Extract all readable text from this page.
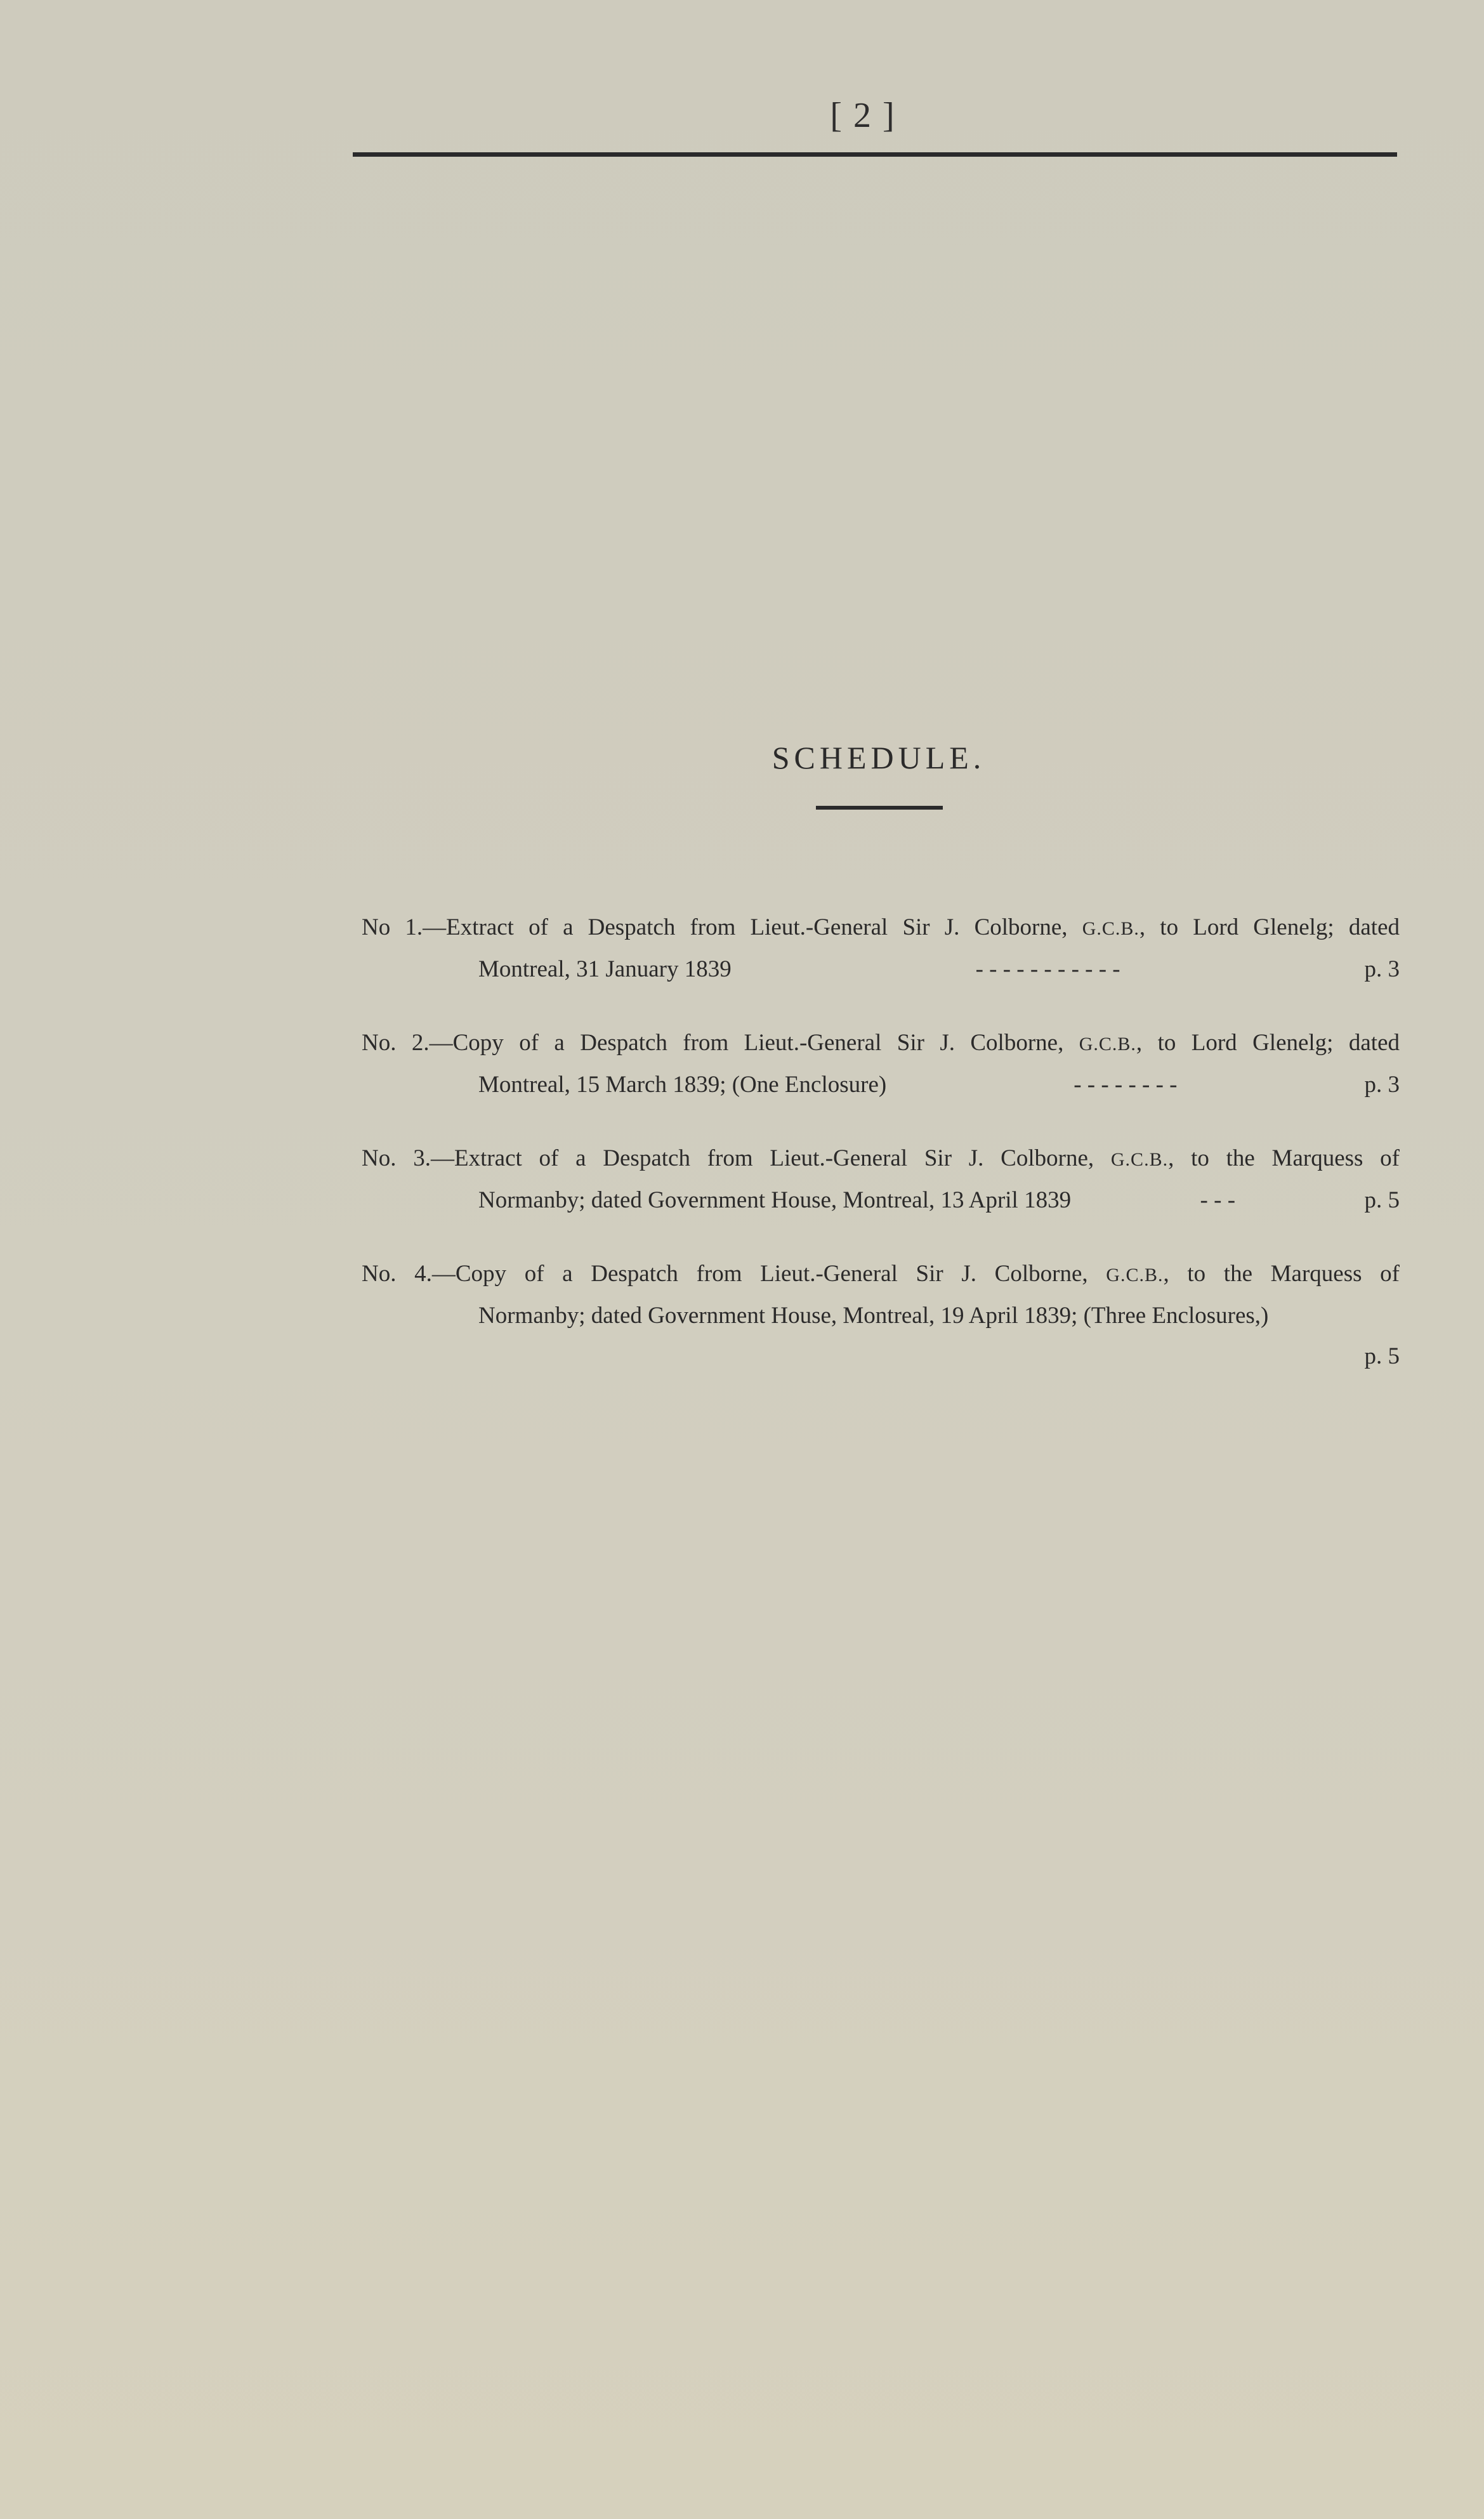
[ 2 ]
SCHEDULE.
No 1.—Extract of a Despatch from Lieut.-General Sir J. Colborne, G.C.B., to Lord Glenelg; dated
Montreal, 31 January 1839	- - - - - - - - - - -	p. 3
No. 2.—Copy of a Despatch from Lieut.-General Sir J. Colborne, G.C.B., to Lord Glenelg; dated
Montreal, 15 March 1839; (One Enclosure)	- - - - - - - -	p. 3
No. 3.—Extract of a Despatch from Lieut.-General Sir J. Colborne, G.C.B., to the Marquess of
Normanby; dated Government House, Montreal, 13 April 1839	- - -	p. 5
No. 4.—Copy of a Despatch from Lieut.-General Sir J. Colborne, G.C.B., to the Marquess of
Normanby; dated Government House, Montreal, 19 April 1839; (Three Enclosures,)
p. 5
